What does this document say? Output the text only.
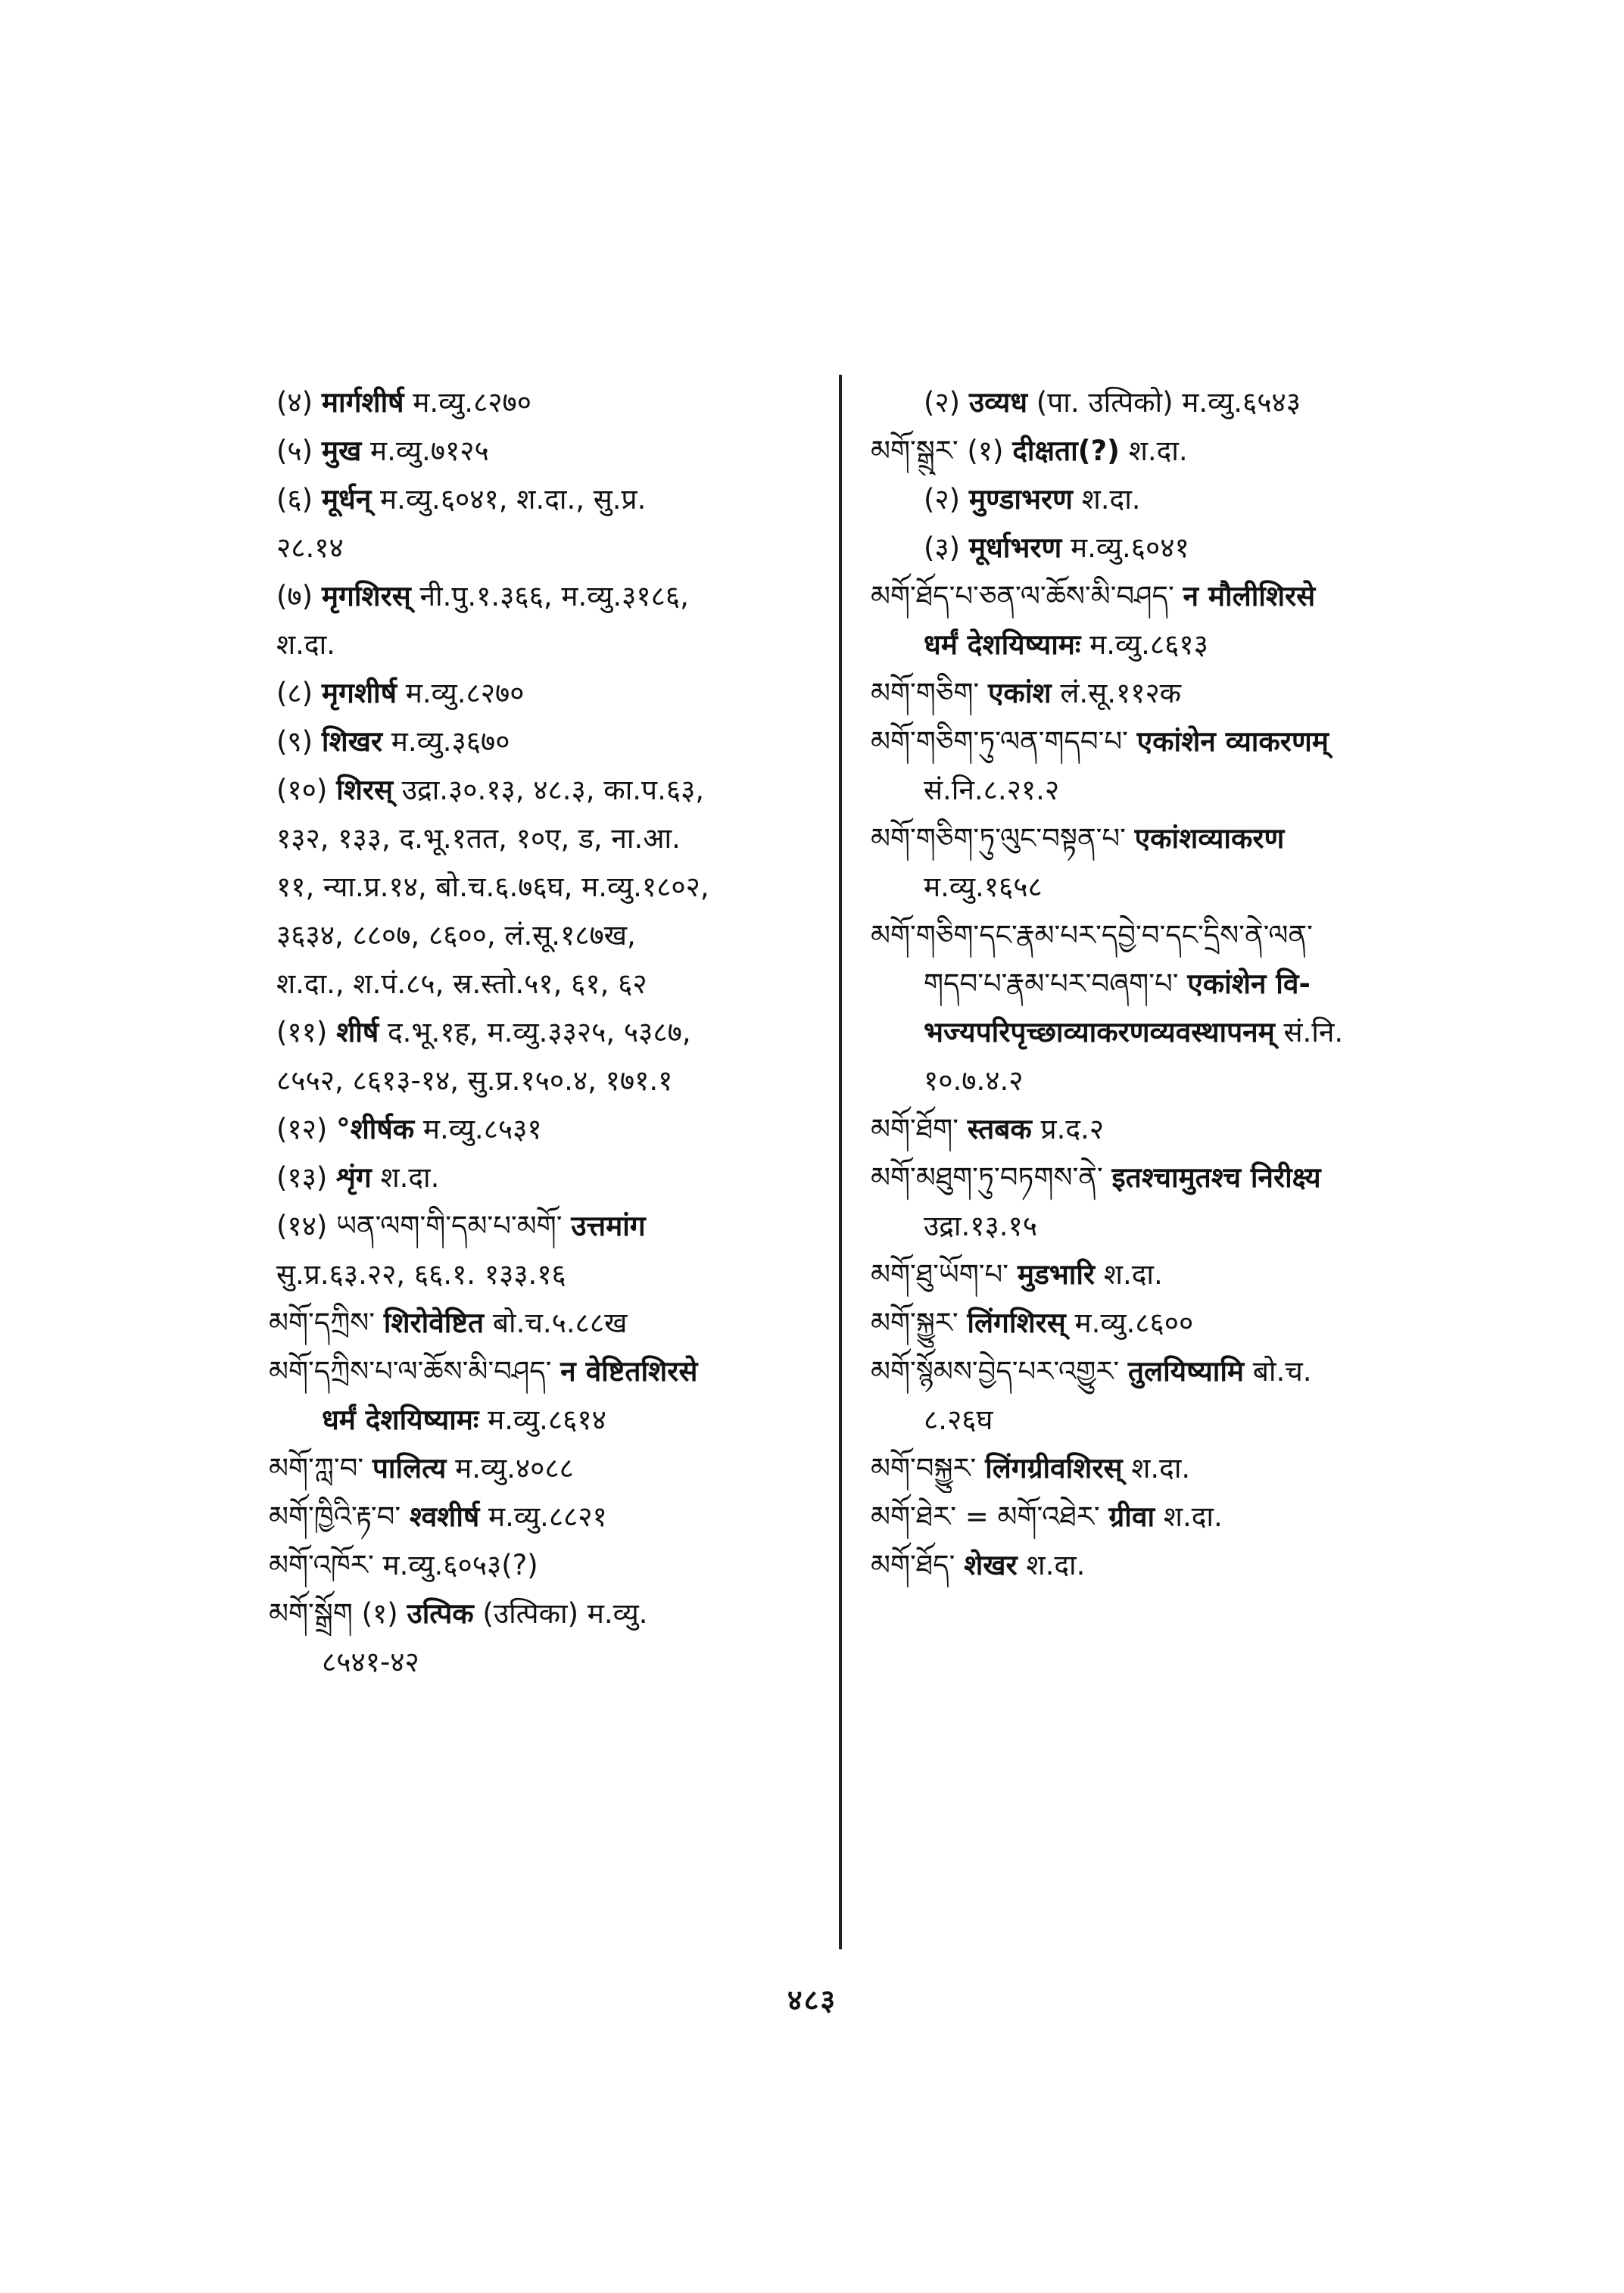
(४) मार्गशीर्ष म.व्यु.८२७०
(५) मुख म.व्यु.७१२५
(६) मूर्धन् म.व्यु.६०४१, श.दा., सु.प्र.
२८.१४
(७) मृगशिरस् नी.पु.१.३६६, म.व्यु.३१८६,
श.दा.
(८) मृगशीर्ष म.व्यु.८२७०
(९) शिखर म.व्यु.३६७०
(१०) शिरस् उद्रा.३०.१३, ४८.३, का.प.६३,
१३२, १३३, द.भू.१तत, १०ए, ड, ना.आ.
११, न्या.प्र.१४, बो.च.६.७६घ, म.व्यु.१८०२,
३६३४, ८८०७, ८६००, लं.सू.१८७ख,
श.दा., श.पं.८५, स्र.स्तो.५१, ६१, ६२
(११) शीर्ष द.भू.१ह, म.व्यु.३३२५, ५३८७,
८५५२, ८६१३-१४, सु.प्र.१५०.४, १७१.१
(१२) °शीर्षक म.व्यु.८५३१
(१३) शृंग श.दा.
(१४) ཡན་ལག་གི་དམ་པ་མགོ་ उत्तमांग
सु.प्र.६३.२२, ६६.१. १३३.१६
མགོ་དཀྲིས་ शिरोवेष्टित बो.च.५.८८ख
མགོ་དཀྲིས་པ་ལ་ཆོས་མི་བཤད་ न वेष्टितशिरसे
धर्मं देशयिष्यामः म.व्यु.८६१४
མགོ་ཀླ་བ་ पालित्य म.व्यु.४०८८
མགོ་ཁྱིའི་རྟ་བ་ श्वशीर्ष म.व्यु.८८२१
མགོ་འཁོར་ म.व्यु.६०५३(?)
མགོ་སྒྲོག (१) उत्पिक (उत्पिका) म.व्यु.
८५४१-४२
(२) उव्यध (पा. उत्पिको) म.व्यु.६५४३
མགོ་སྒྲུར་ (१) दीक्षता(?) श.दा.
(२) मुण्डाभरण श.दा.
(३) मूर्धाभरण म.व्यु.६०४१
མགོ་ཐོད་པ་ཅན་ལ་ཆོས་མི་བཤད་ न मौलीशिरसे
धर्मं देशयिष्यामः म.व्यु.८६१३
མགོ་གཅིག་ एकांश लं.सू.११२क
མགོ་གཅིག་ཏུ་ལན་གདབ་པ་ एकांशेन व्याकरणम्
सं.नि.८.२१.२
མགོ་གཅིག་ཏུ་ལུང་བསྟན་པ་ एकांशव्याकरण
म.व्यु.१६५८
མགོ་གཅིག་དང་རྣམ་པར་དབྱེ་བ་དང་དྲིས་ནེ་ལན་
གདབ་པ་རྣམ་པར་བཞག་པ་ एकांशेन वि-
भज्यपरिपृच्छाव्याकरणव्यवस्थापनम् सं.नि.
१०.७.४.२
མགོ་ཐོག་ स्तबक प्र.द.२
མགོ་མཐུག་ཏུ་བཏགས་ནེ་ इतश्चामुतश्च निरीक्ष्य
उद्रा.१३.१५
མགོ་ཐུ་ཡོག་པ་ मुडभारि श.दा.
མགོ་སྐྱུར་ लिंगशिरस् म.व्यु.८६००
མགོ་སྙོམས་བྱེད་པར་འགྱུར་ तुलयिष्यामि बो.च.
८.२६घ
མགོ་བསྐྱུར་ लिंगग्रीवशिरस् श.दा.
མགོ་ཐེར་ = མགོ་འཐེར་ ग्रीवा श.दा.
མགོ་ཐོད་ शेखर श.दा.
४८३
